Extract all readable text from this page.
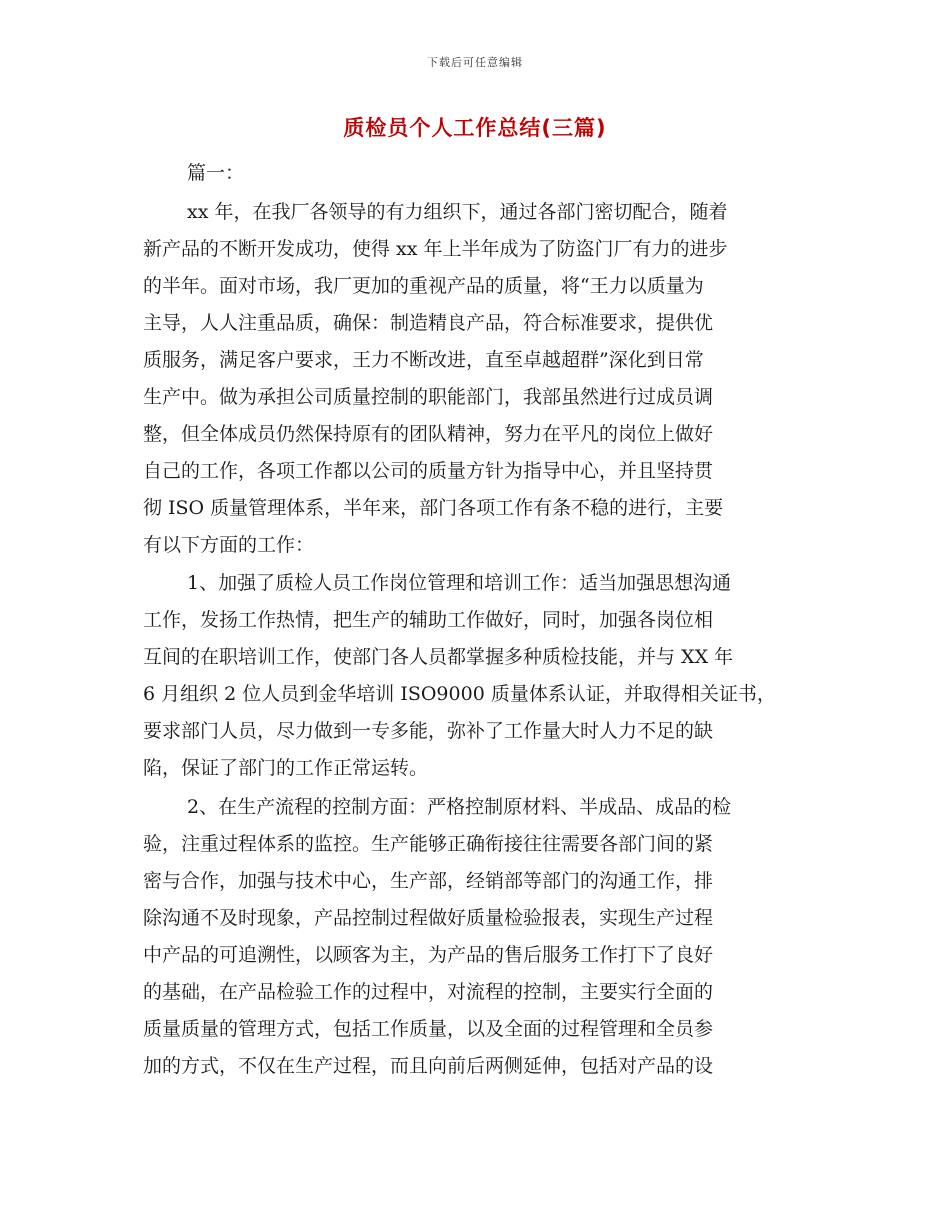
下载后可任意编辑
质检员个人工作总结(三篇)
篇一：
xx 年，在我厂各领导的有力组织下，通过各部门密切配合，随着
新产品的不断开发成功，使得 xx 年上半年成为了防盗门厂有力的进步
的半年。面对市场，我厂更加的重视产品的质量，将“王力以质量为
主导，人人注重品质，确保：制造精良产品，符合标准要求，提供优
质服务，满足客户要求，王力不断改进，直至卓越超群”深化到日常
生产中。做为承担公司质量控制的职能部门，我部虽然进行过成员调
整，但全体成员仍然保持原有的团队精神，努力在平凡的岗位上做好
自己的工作，各项工作都以公司的质量方针为指导中心，并且坚持贯
彻 ISO 质量管理体系，半年来，部门各项工作有条不稳的进行，主要
有以下方面的工作：
1、加强了质检人员工作岗位管理和培训工作：适当加强思想沟通
工作，发扬工作热情，把生产的辅助工作做好，同时，加强各岗位相
互间的在职培训工作，使部门各人员都掌握多种质检技能，并与 XX 年
6 月组织 2 位人员到金华培训 ISO9000 质量体系认证，并取得相关证书，
要求部门人员，尽力做到一专多能，弥补了工作量大时人力不足的缺
陷，保证了部门的工作正常运转。
2、在生产流程的控制方面：严格控制原材料、半成品、成品的检
验，注重过程体系的监控。生产能够正确衔接往往需要各部门间的紧
密与合作，加强与技术中心，生产部，经销部等部门的沟通工作，排
除沟通不及时现象，产品控制过程做好质量检验报表，实现生产过程
中产品的可追溯性，以顾客为主，为产品的售后服务工作打下了良好
的基础，在产品检验工作的过程中，对流程的控制，主要实行全面的
质量质量的管理方式，包括工作质量，以及全面的过程管理和全员参
加的方式，不仅在生产过程，而且向前后两侧延伸，包括对产品的设
